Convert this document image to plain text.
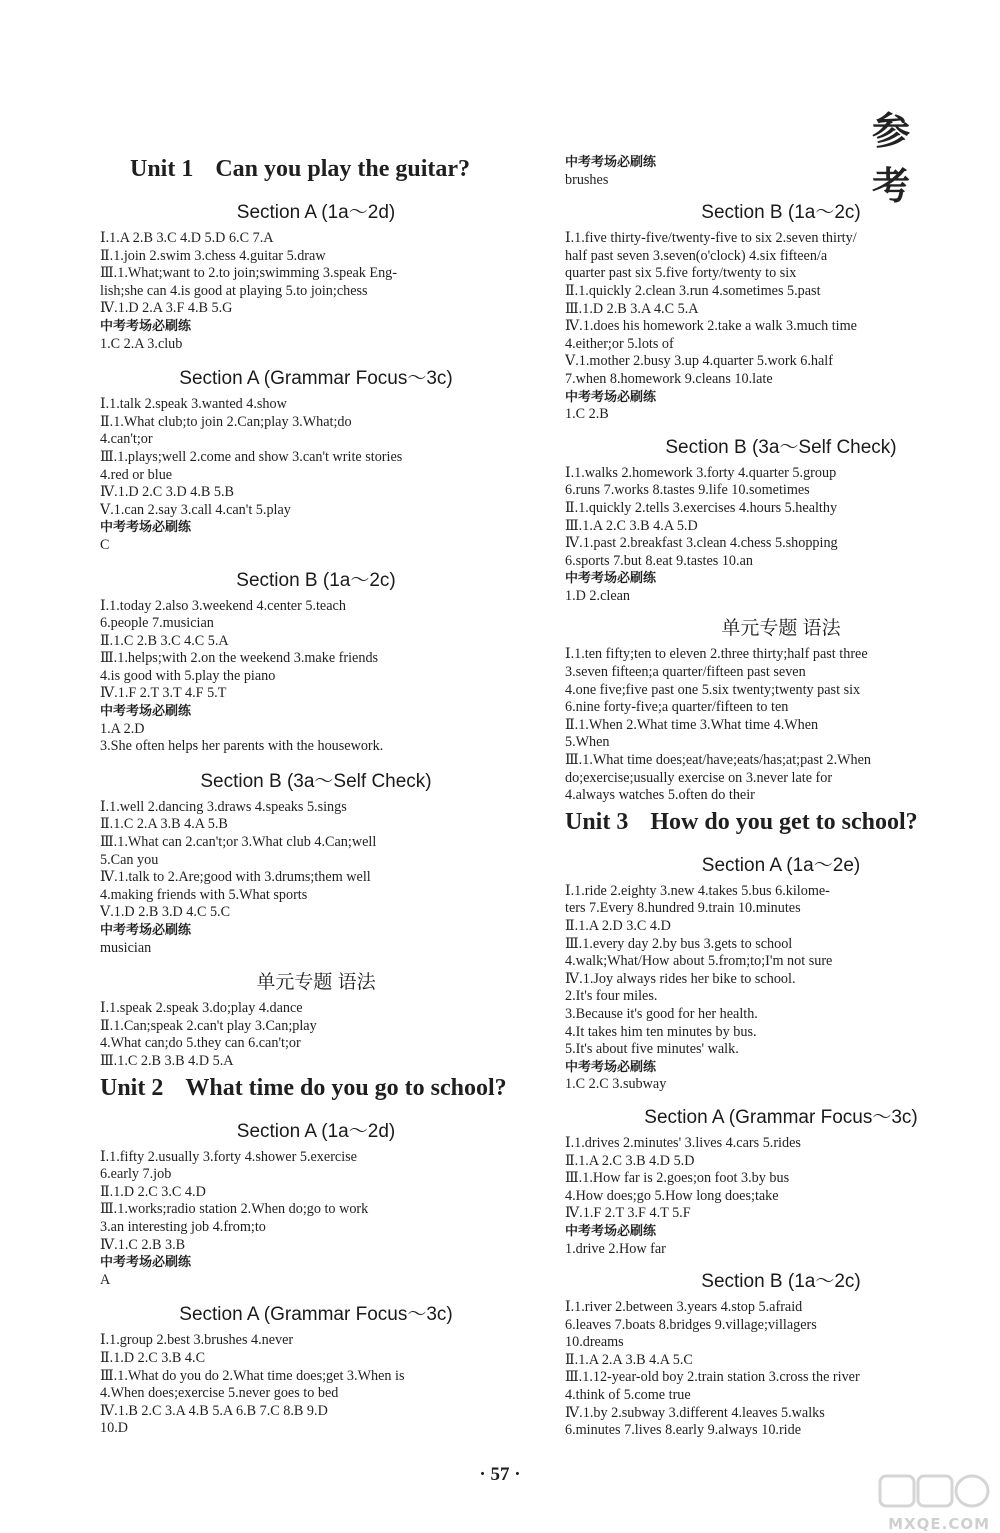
参 考
Unit 1 Can you play the guitar?
Section A (1a～2d)
Ⅰ.1.A 2.B 3.C 4.D 5.D 6.C 7.A
Ⅱ.1.join 2.swim 3.chess 4.guitar 5.draw
Ⅲ.1.What;want to 2.to join;swimming 3.speak Eng-
lish;she can 4.is good at playing 5.to join;chess
Ⅳ.1.D 2.A 3.F 4.B 5.G
中考考场必刷练
1.C 2.A 3.club
Section A (Grammar Focus～3c)
Ⅰ.1.talk 2.speak 3.wanted 4.show
Ⅱ.1.What club;to join 2.Can;play 3.What;do
4.can't;or
Ⅲ.1.plays;well 2.come and show 3.can't write stories
4.red or blue
Ⅳ.1.D 2.C 3.D 4.B 5.B
Ⅴ.1.can 2.say 3.call 4.can't 5.play
中考考场必刷练
C
Section B (1a～2c)
Ⅰ.1.today 2.also 3.weekend 4.center 5.teach
6.people 7.musician
Ⅱ.1.C 2.B 3.C 4.C 5.A
Ⅲ.1.helps;with 2.on the weekend 3.make friends
4.is good with 5.play the piano
Ⅳ.1.F 2.T 3.T 4.F 5.T
中考考场必刷练
1.A 2.D
3.She often helps her parents with the housework.
Section B (3a～Self Check)
Ⅰ.1.well 2.dancing 3.draws 4.speaks 5.sings
Ⅱ.1.C 2.A 3.B 4.A 5.B
Ⅲ.1.What can 2.can't;or 3.What club 4.Can;well
5.Can you
Ⅳ.1.talk to 2.Are;good with 3.drums;them well
4.making friends with 5.What sports
Ⅴ.1.D 2.B 3.D 4.C 5.C
中考考场必刷练
musician
单元专题 语法
Ⅰ.1.speak 2.speak 3.do;play 4.dance
Ⅱ.1.Can;speak 2.can't play 3.Can;play
4.What can;do 5.they can 6.can't;or
Ⅲ.1.C 2.B 3.B 4.D 5.A
Unit 2 What time do you go to school?
Section A (1a～2d)
Ⅰ.1.fifty 2.usually 3.forty 4.shower 5.exercise
6.early 7.job
Ⅱ.1.D 2.C 3.C 4.D
Ⅲ.1.works;radio station 2.When do;go to work
3.an interesting job 4.from;to
Ⅳ.1.C 2.B 3.B
中考考场必刷练
A
Section A (Grammar Focus～3c)
Ⅰ.1.group 2.best 3.brushes 4.never
Ⅱ.1.D 2.C 3.B 4.C
Ⅲ.1.What do you do 2.What time does;get 3.When is
4.When does;exercise 5.never goes to bed
Ⅳ.1.B 2.C 3.A 4.B 5.A 6.B 7.C 8.B 9.D
10.D
中考考场必刷练
brushes
Section B (1a～2c)
Ⅰ.1.five thirty-five/twenty-five to six 2.seven thirty/
half past seven 3.seven(o'clock) 4.six fifteen/a
quarter past six 5.five forty/twenty to six
Ⅱ.1.quickly 2.clean 3.run 4.sometimes 5.past
Ⅲ.1.D 2.B 3.A 4.C 5.A
Ⅳ.1.does his homework 2.take a walk 3.much time
4.either;or 5.lots of
Ⅴ.1.mother 2.busy 3.up 4.quarter 5.work 6.half
7.when 8.homework 9.cleans 10.late
中考考场必刷练
1.C 2.B
Section B (3a～Self Check)
Ⅰ.1.walks 2.homework 3.forty 4.quarter 5.group
6.runs 7.works 8.tastes 9.life 10.sometimes
Ⅱ.1.quickly 2.tells 3.exercises 4.hours 5.healthy
Ⅲ.1.A 2.C 3.B 4.A 5.D
Ⅳ.1.past 2.breakfast 3.clean 4.chess 5.shopping
6.sports 7.but 8.eat 9.tastes 10.an
中考考场必刷练
1.D 2.clean
单元专题 语法
Ⅰ.1.ten fifty;ten to eleven 2.three thirty;half past three
3.seven fifteen;a quarter/fifteen past seven
4.one five;five past one 5.six twenty;twenty past six
6.nine forty-five;a quarter/fifteen to ten
Ⅱ.1.When 2.What time 3.What time 4.When
5.When
Ⅲ.1.What time does;eat/have;eats/has;at;past 2.When
do;exercise;usually exercise on 3.never late for
4.always watches 5.often do their
Unit 3 How do you get to school?
Section A (1a～2e)
Ⅰ.1.ride 2.eighty 3.new 4.takes 5.bus 6.kilome-
ters 7.Every 8.hundred 9.train 10.minutes
Ⅱ.1.A 2.D 3.C 4.D
Ⅲ.1.every day 2.by bus 3.gets to school
4.walk;What/How about 5.from;to;I'm not sure
Ⅳ.1.Joy always rides her bike to school.
2.It's four miles.
3.Because it's good for her health.
4.It takes him ten minutes by bus.
5.It's about five minutes' walk.
中考考场必刷练
1.C 2.C 3.subway
Section A (Grammar Focus～3c)
Ⅰ.1.drives 2.minutes' 3.lives 4.cars 5.rides
Ⅱ.1.A 2.C 3.B 4.D 5.D
Ⅲ.1.How far is 2.goes;on foot 3.by bus
4.How does;go 5.How long does;take
Ⅳ.1.F 2.T 3.F 4.T 5.F
中考考场必刷练
1.drive 2.How far
Section B (1a～2c)
Ⅰ.1.river 2.between 3.years 4.stop 5.afraid
6.leaves 7.boats 8.bridges 9.village;villagers
10.dreams
Ⅱ.1.A 2.A 3.B 4.A 5.C
Ⅲ.1.12-year-old boy 2.train station 3.cross the river
4.think of 5.come true
Ⅳ.1.by 2.subway 3.different 4.leaves 5.walks
6.minutes 7.lives 8.early 9.always 10.ride
· 57 ·
MXQE.COM
